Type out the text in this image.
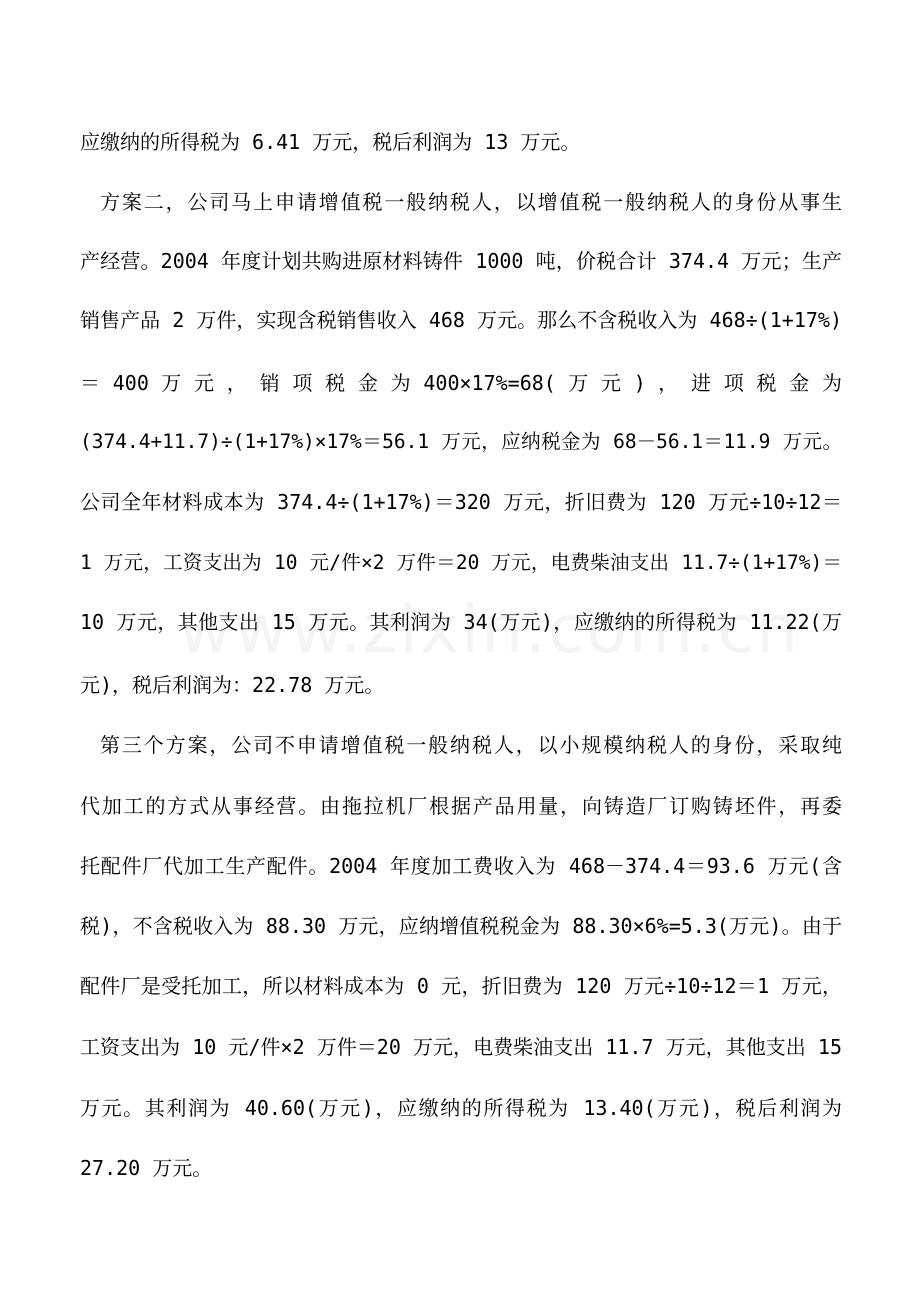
应缴纳的所得税为 6.41 万元，税后利润为 13 万元。
方案二，公司马上申请增值税一般纳税人，以增值税一般纳税人的身份从事生
产经营。2004 年度计划共购进原材料铸件 1000 吨，价税合计 374.4 万元；生产
销售产品 2 万件，实现含税销售收入 468 万元。那么不含税收入为 468÷(1+17%)
＝ 400 万 元 ， 销 项 税 金 为 400×17%=68( 万 元 ) ， 进 项 税 金 为
(374.4+11.7)÷(1+17%)×17%＝56.1 万元，应纳税金为 68－56.1＝11.9 万元。
公司全年材料成本为 374.4÷(1+17%)＝320 万元，折旧费为 120 万元÷10÷12＝
1 万元，工资支出为 10 元/件×2 万件＝20 万元，电费柴油支出 11.7÷(1+17%)＝
10 万元，其他支出 15 万元。其利润为 34(万元)，应缴纳的所得税为 11.22(万
元)，税后利润为：22.78 万元。
第三个方案，公司不申请增值税一般纳税人，以小规模纳税人的身份，采取纯
代加工的方式从事经营。由拖拉机厂根据产品用量，向铸造厂订购铸坯件，再委
托配件厂代加工生产配件。2004 年度加工费收入为 468－374.4＝93.6 万元(含
税)，不含税收入为 88.30 万元，应纳增值税税金为 88.30×6%=5.3(万元)。由于
配件厂是受托加工，所以材料成本为 0 元，折旧费为 120 万元÷10÷12＝1 万元，
工资支出为 10 元/件×2 万件＝20 万元，电费柴油支出 11.7 万元，其他支出 15
万元。其利润为 40.60(万元)，应缴纳的所得税为 13.40(万元)，税后利润为
27.20 万元。
